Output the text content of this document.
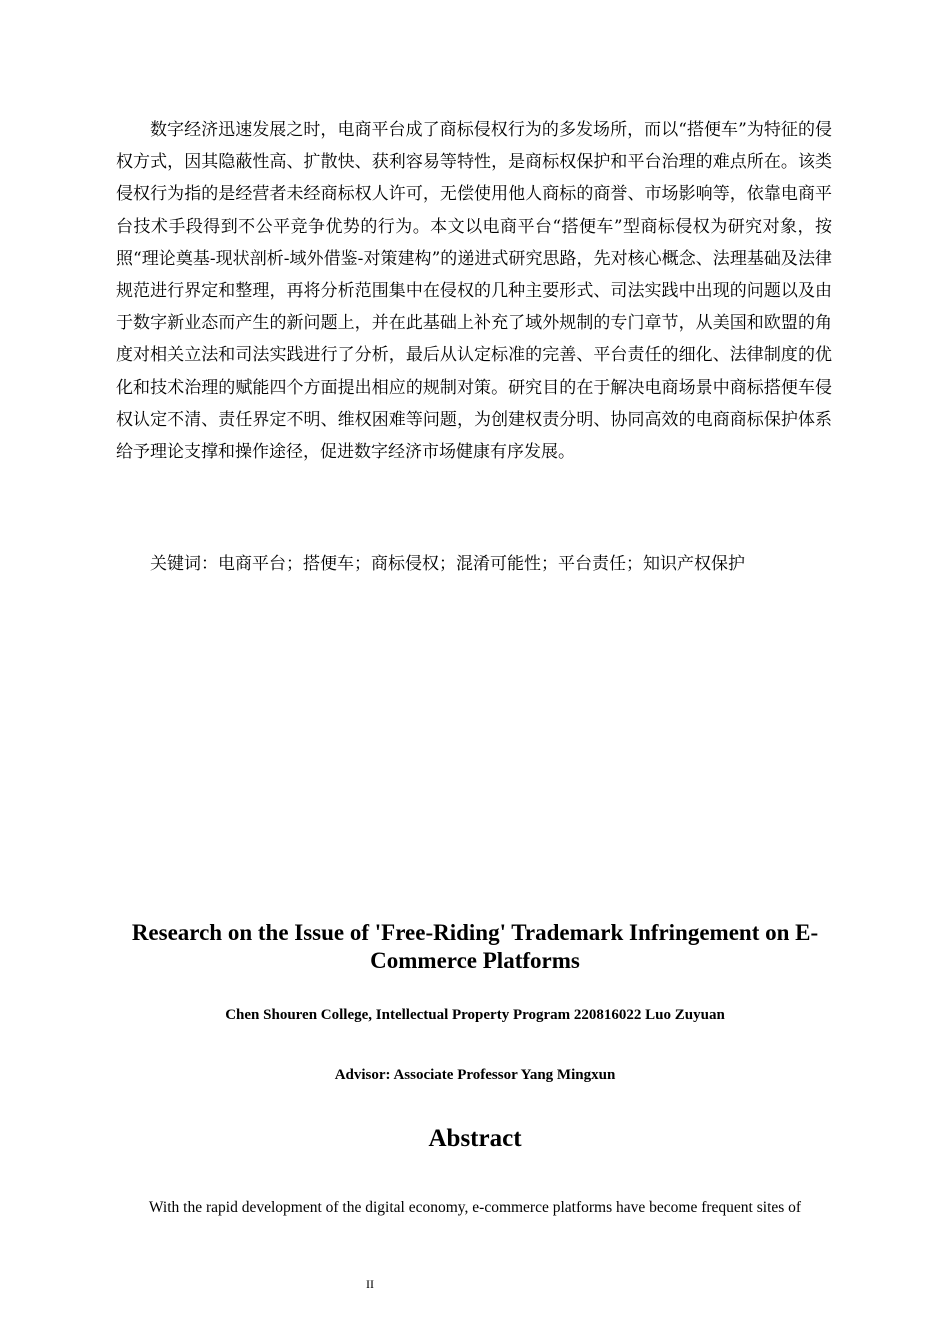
数字经济迅速发展之时，电商平台成了商标侵权行为的多发场所，而以“搭便车”为特征的侵权方式，因其隐蔽性高、扩散快、获利容易等特性，是商标权保护和平台治理的难点所在。该类侵权行为指的是经营者未经商标权人许可，无偿使用他人商标的商誉、市场影响等，依靠电商平台技术手段得到不公平竞争优势的行为。本文以电商平台“搭便车”型商标侵权为研究对象，按照“理论奠基-现状剖析-域外借鉴-对策建构”的递进式研究思路，先对核心概念、法理基础及法律规范进行界定和整理，再将分析范围集中在侵权的几种主要形式、司法实践中出现的问题以及由于数字新业态而产生的新问题上，并在此基础上补充了域外规制的专门章节，从美国和欧盟的角度对相关立法和司法实践进行了分析，最后从认定标准的完善、平台责任的细化、法律制度的优化和技术治理的赋能四个方面提出相应的规制对策。研究目的在于解决电商场景中商标搭便车侵权认定不清、责任界定不明、维权困难等问题，为创建权责分明、协同高效的电商商标保护体系给予理论支撑和操作途径，促进数字经济市场健康有序发展。

关键词：电商平台；搭便车；商标侵权；混淆可能性；平台责任；知识产权保护

Research on the Issue of 'Free-Riding' Trademark Infringement on E-Commerce Platforms

Chen Shouren College, Intellectual Property Program 220816022 Luo Zuyuan

Advisor: Associate Professor Yang Mingxun

Abstract

With the rapid development of the digital economy, e-commerce platforms have become frequent sites of

II
